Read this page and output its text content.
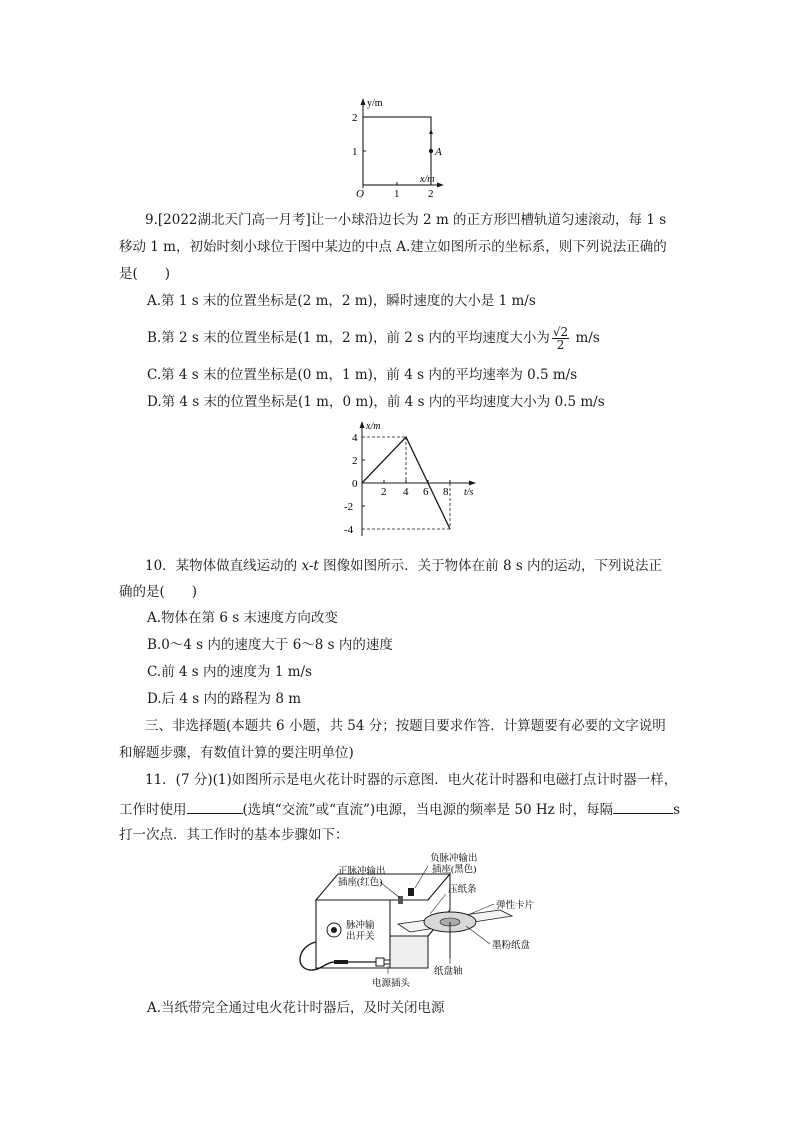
y/m
x/m
O	1	2
1
2
A
9.[2022湖北天门高一月考]让一小球沿边长为 2 m 的正方形凹槽轨道匀速滚动，每 1 s
移动 1 m，初始时刻小球位于图中某边的中点 A.建立如图所示的坐标系，则下列说法正确的
是(　　)
A.第 1 s 末的位置坐标是(2 m，2 m)，瞬时速度的大小是 1 m/s
B.第 2 s 末的位置坐标是(1 m，2 m)，前 2 s 内的平均速度大小为 $\frac{√2}{2} m/s$
C.第 4 s 末的位置坐标是(0 m，1 m)，前 4 s 内的平均速率为 0.5 m/s
D.第 4 s 末的位置坐标是(1 m，0 m)，前 4 s 内的平均速度大小为 0.5 m/s
x/m
t/s
0
2 4 6 8
4
2
-2
-4
10．某物体做直线运动的 x-t 图像如图所示．关于物体在前 8 s 内的运动，下列说法正
确的是(　　)
A.物体在第 6 s 末速度方向改变
B.0～4 s 内的速度大于 6～8 s 内的速度
C.前 4 s 内的速度为 1 m/s
D.后 4 s 内的路程为 8 m
三、非选择题(本题共 6 小题，共 54 分；按题目要求作答．计算题要有必要的文字说明
和解题步骤，有数值计算的要注明单位)
11．(7 分)(1)如图所示是电火花计时器的示意图．电火花计时器和电磁打点计时器一样，
工作时使用	(选填“交流”或“直流”)电源，当电源的频率是 50 Hz 时，每隔	s
打一次点．其工作时的基本步骤如下：
负脉冲输出
插座(黑色)
正脉冲输出
插座(红色)
压纸条
弹性卡片
脉冲输
出开关
墨粉纸盘
纸盘轴
电源插头
A.当纸带完全通过电火花计时器后，及时关闭电源
